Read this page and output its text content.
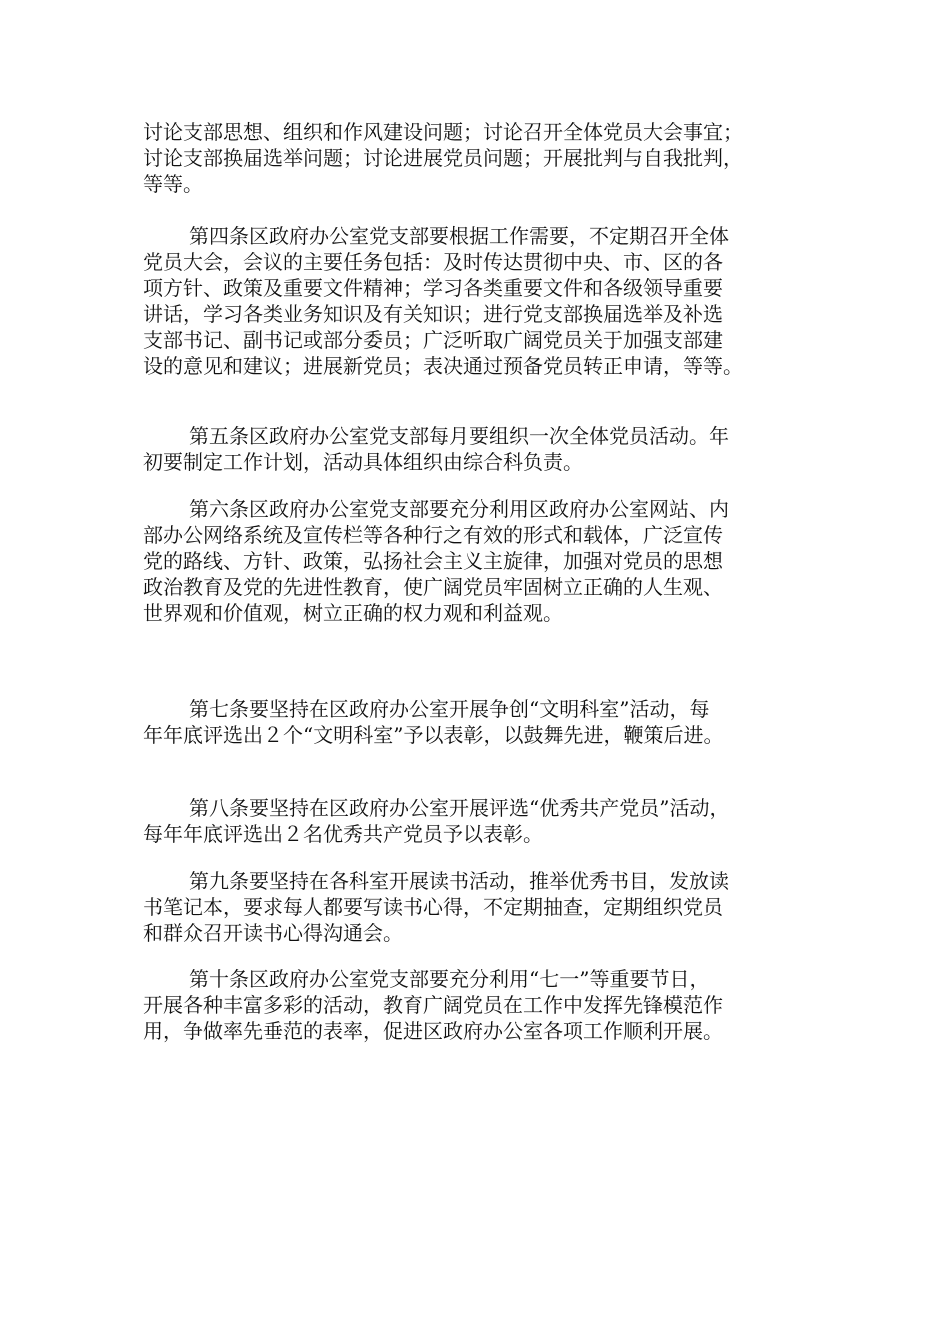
讨论支部思想、组织和作风建设问题；讨论召开全体党员大会事宜；
讨论支部换届选举问题；讨论进展党员问题；开展批判与自我批判，
等等。
第四条区政府办公室党支部要根据工作需要，不定期召开全体
党员大会，会议的主要任务包括：及时传达贯彻中央、市、区的各
项方针、政策及重要文件精神；学习各类重要文件和各级领导重要
讲话，学习各类业务知识及有关知识；进行党支部换届选举及补选
支部书记、副书记或部分委员；广泛听取广阔党员关于加强支部建
设的意见和建议；进展新党员；表决通过预备党员转正申请，等等。
第五条区政府办公室党支部每月要组织一次全体党员活动。年
初要制定工作计划，活动具体组织由综合科负责。
第六条区政府办公室党支部要充分利用区政府办公室网站、内
部办公网络系统及宣传栏等各种行之有效的形式和载体，广泛宣传
党的路线、方针、政策，弘扬社会主义主旋律，加强对党员的思想
政治教育及党的先进性教育，使广阔党员牢固树立正确的人生观、
世界观和价值观，树立正确的权力观和利益观。
第七条要坚持在区政府办公室开展争创“文明科室”活动，每
年年底评选出２个“文明科室”予以表彰，以鼓舞先进，鞭策后进。
第八条要坚持在区政府办公室开展评选“优秀共产党员”活动，
每年年底评选出２名优秀共产党员予以表彰。
第九条要坚持在各科室开展读书活动，推举优秀书目，发放读
书笔记本，要求每人都要写读书心得，不定期抽查，定期组织党员
和群众召开读书心得沟通会。
第十条区政府办公室党支部要充分利用“七一”等重要节日，
开展各种丰富多彩的活动，教育广阔党员在工作中发挥先锋模范作
用，争做率先垂范的表率，促进区政府办公室各项工作顺利开展。
